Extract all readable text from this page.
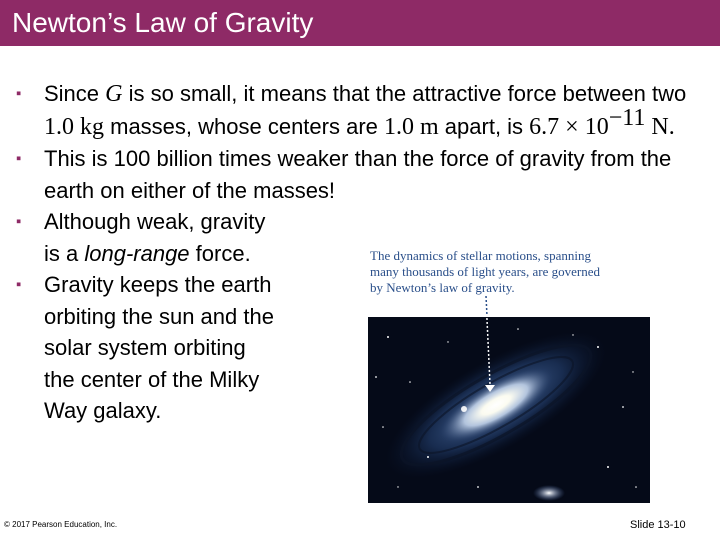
Newton’s Law of Gravity
▪ Since G is so small, it means that the attractive force between two 1.0 kg masses, whose centers are 1.0 m apart, is $6.7 \times 10^{-11}$ N.
▪ This is 100 billion times weaker than the force of gravity from the earth on either of the masses!
▪ Although weak, gravity
is a long-range force.
▪ Gravity keeps the earth
orbiting the sun and the
solar system orbiting
the center of the Milky
Way galaxy.
The dynamics of stellar motions, spanning
many thousands of light years, are governed
by Newton’s law of gravity.
© 2017 Pearson Education, Inc.	Slide 13-10
